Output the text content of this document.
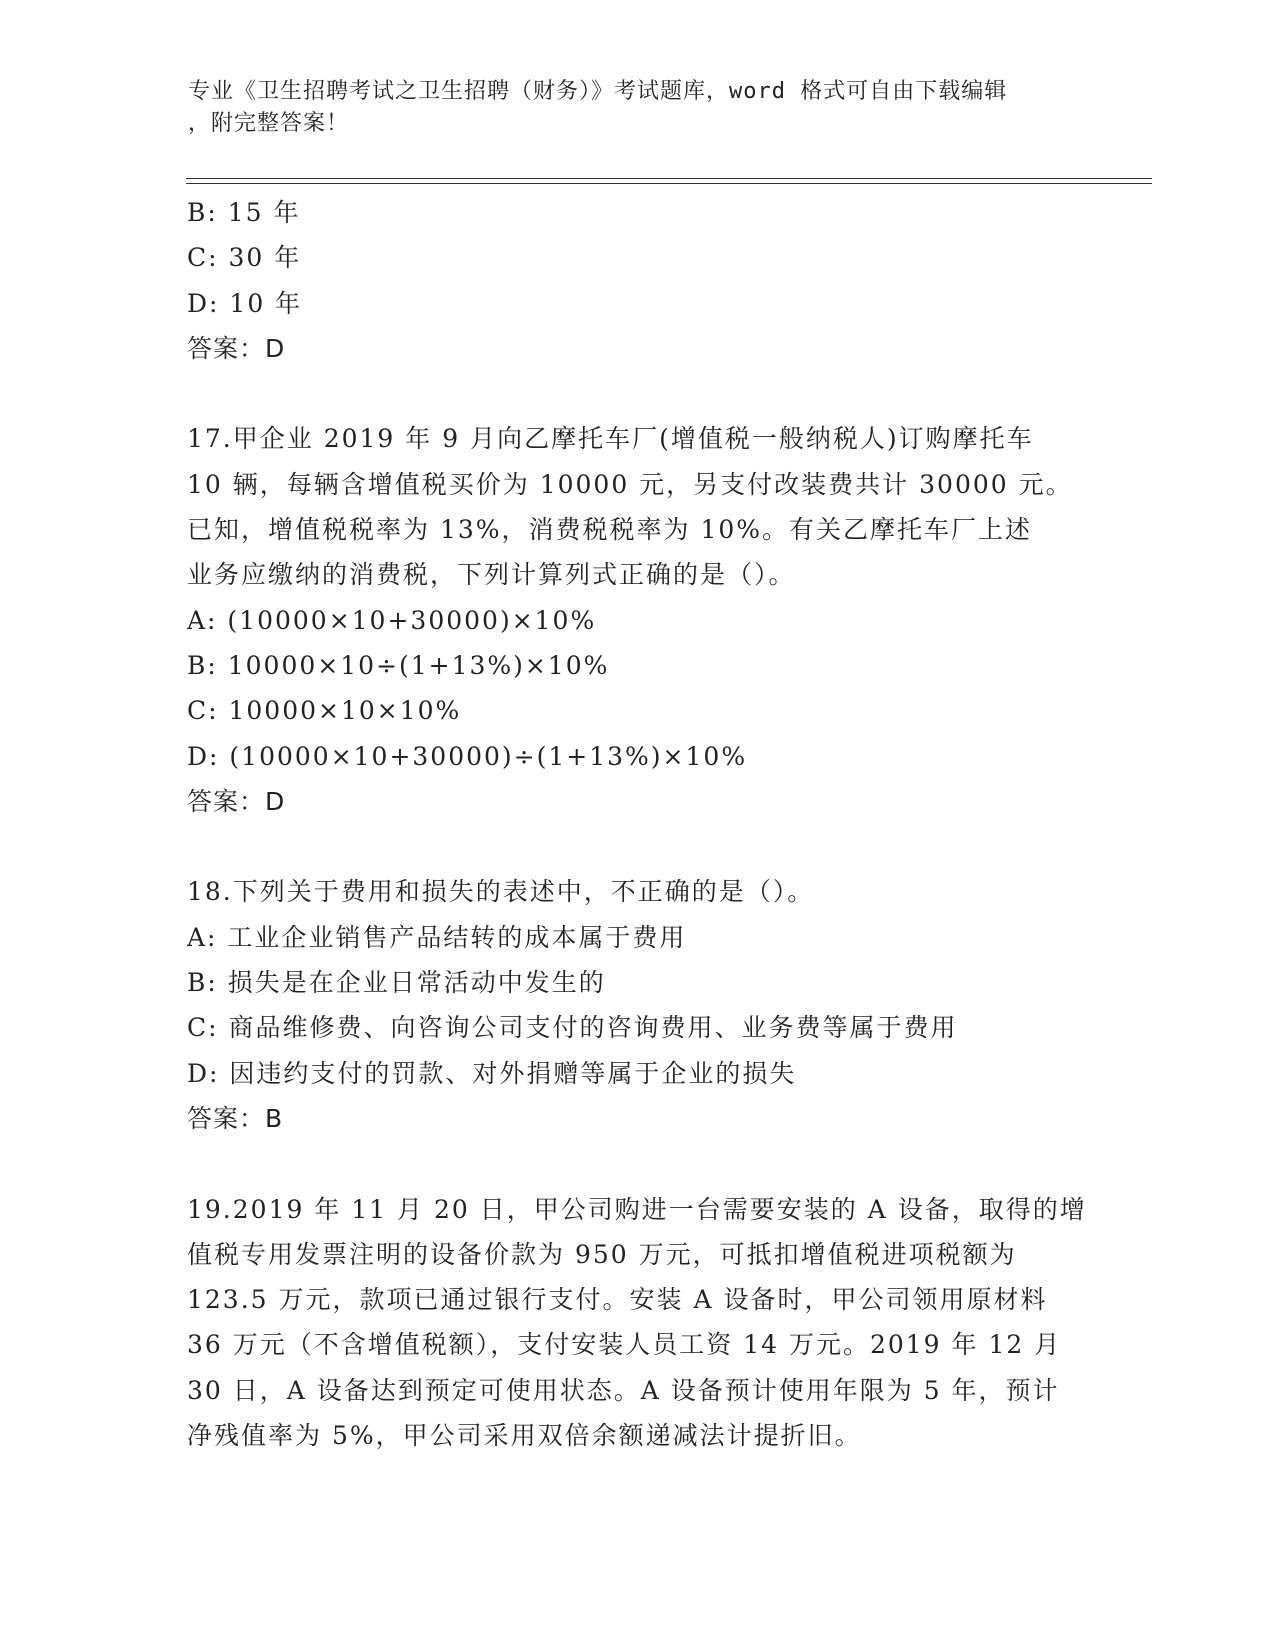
专业《卫生招聘考试之卫生招聘（财务）》考试题库，word 格式可自由下载编辑
，附完整答案！
B: 15 年
C: 30 年
D: 10 年
答案：D
17.甲企业 2019 年 9 月向乙摩托车厂(增值税一般纳税人)订购摩托车
10 辆，每辆含增值税买价为 10000 元，另支付改装费共计 30000 元。
已知，增值税税率为 13%，消费税税率为 10%。有关乙摩托车厂上述
业务应缴纳的消费税，下列计算列式正确的是（）。
A: (10000×10+30000)×10%
B: 10000×10÷(1+13%)×10%
C: 10000×10×10%
D: (10000×10+30000)÷(1+13%)×10%
答案：D
18.下列关于费用和损失的表述中，不正确的是（）。
A: 工业企业销售产品结转的成本属于费用
B: 损失是在企业日常活动中发生的
C: 商品维修费、向咨询公司支付的咨询费用、业务费等属于费用
D: 因违约支付的罚款、对外捐赠等属于企业的损失
答案：B
19.2019 年 11 月 20 日，甲公司购进一台需要安装的 A 设备，取得的增
值税专用发票注明的设备价款为 950 万元，可抵扣增值税进项税额为
123.5 万元，款项已通过银行支付。安装 A 设备时，甲公司领用原材料
36 万元（不含增值税额），支付安装人员工资 14 万元。2019 年 12 月
30 日，A 设备达到预定可使用状态。A 设备预计使用年限为 5 年，预计
净残值率为 5%，甲公司采用双倍余额递减法计提折旧。
